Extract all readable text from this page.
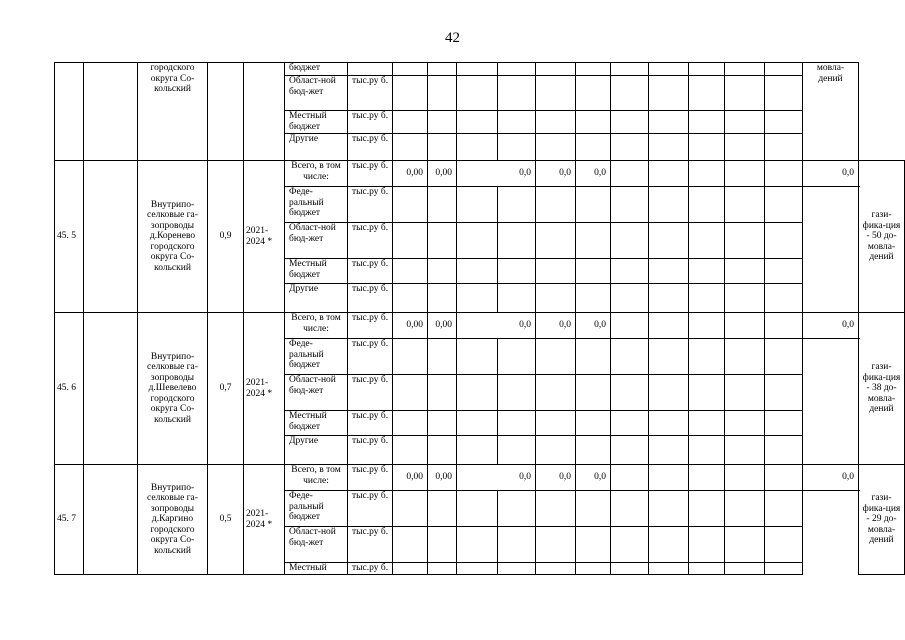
42
		городского округа Со-кольский			бюджет													мовла-дений	
					Област-ной бюд-жет	тыс.ру б.													
					Местный бюджет	тыс.ру б.													
					Другие	тыс.ру б.													
45. 5		Внутрипо-селковые га-зопроводы д.Коренево городского округа Со-кольский	0,9	2021-2024 *	Всего, в том числе:	тыс.ру б.	0,00	0,00	0,0		0,0	0,0						0,0	гази-фика-ция - 50 до-мовла-дений
					Феде-ральный бюджет	тыс.ру б.													
					Област-ной бюд-жет	тыс.ру б.													
					Местный бюджет	тыс.ру б.													
					Другие	тыс.ру б.													
45. 6		Внутрипо-селковые га-зопроводы д.Шевелево городского округа Со-кольский	0,7	2021-2024 *	Всего, в том числе:	тыс.ру б.	0,00	0,00	0,0		0,0	0,0						0,0	гази-фика-ция - 38 до-мовла-дений
					Феде-ральный бюджет	тыс.ру б.													
					Област-ной бюд-жет	тыс.ру б.													
					Местный бюджет	тыс.ру б.													
					Другие	тыс.ру б.													
45. 7		Внутрипо-селковые га-зопроводы д.Каргино городского округа Со-кольский	0,5	2021-2024 *	Всего, в том числе:	тыс.ру б.	0,00	0,00	0,0		0,0	0,0						0,0	гази-фика-ция - 29 до-мовла-дений
					Феде-ральный бюджет	тыс.ру б.													
					Област-ной бюд-жет	тыс.ру б.													
					Местный	тыс.ру б.													
